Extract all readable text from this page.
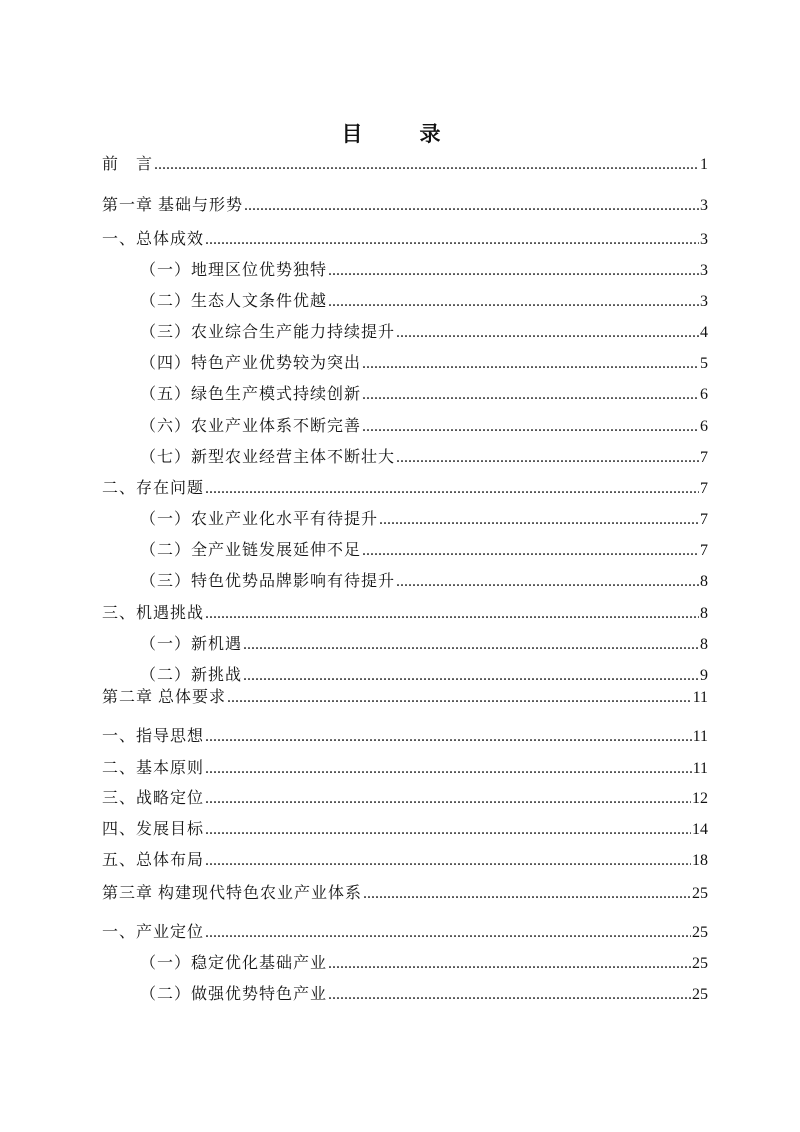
目　录
前　言 .....	1
第一章 基础与形势 .....	3
一、总体成效 .....	3
（一）地理区位优势独特 .....	3
（二）生态人文条件优越 .....	3
（三）农业综合生产能力持续提升 .....	4
（四）特色产业优势较为突出 .....	5
（五）绿色生产模式持续创新 .....	6
（六）农业产业体系不断完善 .....	6
（七）新型农业经营主体不断壮大 .....	7
二、存在问题 .....	7
（一）农业产业化水平有待提升 .....	7
（二）全产业链发展延伸不足 .....	7
（三）特色优势品牌影响有待提升 .....	8
三、机遇挑战 .....	8
（一）新机遇 .....	8
（二）新挑战 .....	9
第二章 总体要求 .....	11
一、指导思想 .....	11
二、基本原则 .....	11
三、战略定位 .....	12
四、发展目标 .....	14
五、总体布局 .....	18
第三章 构建现代特色农业产业体系 .....	25
一、产业定位 .....	25
（一）稳定优化基础产业 .....	25
（二）做强优势特色产业 .....	25
